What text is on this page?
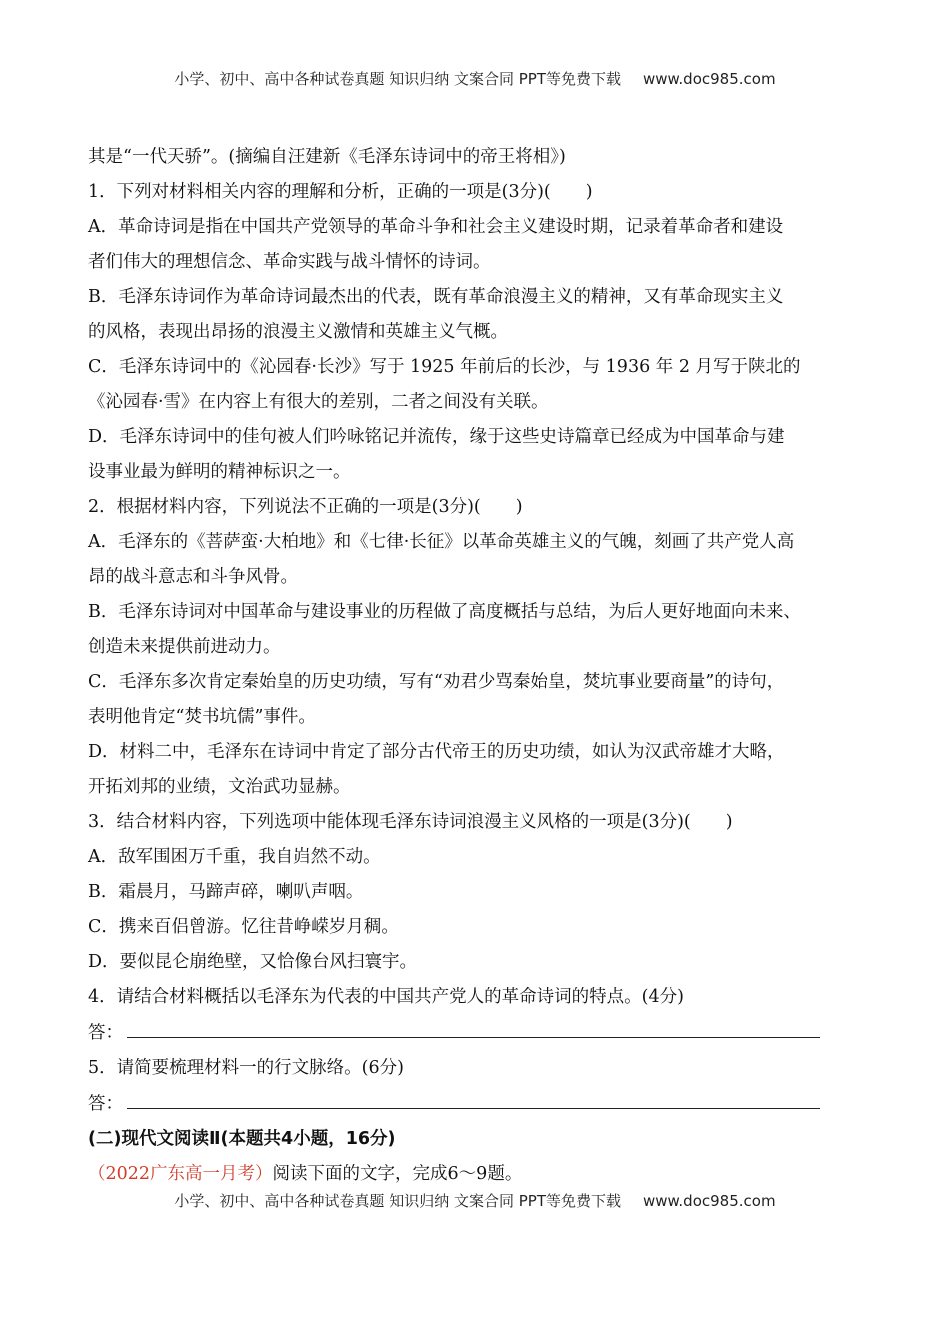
小学、初中、高中各种试卷真题 知识归纳 文案合同 PPT等免费下载 www.doc985.com
其是“一代天骄”。(摘编自汪建新《毛泽东诗词中的帝王将相》)
1．下列对材料相关内容的理解和分析，正确的一项是(3分)(　　)
A．革命诗词是指在中国共产党领导的革命斗争和社会主义建设时期，记录着革命者和建设
者们伟大的理想信念、革命实践与战斗情怀的诗词。
B．毛泽东诗词作为革命诗词最杰出的代表，既有革命浪漫主义的精神，又有革命现实主义
的风格，表现出昂扬的浪漫主义激情和英雄主义气概。
C．毛泽东诗词中的《沁园春·长沙》写于 1925 年前后的长沙，与 1936 年 2 月写于陕北的
《沁园春·雪》在内容上有很大的差别，二者之间没有关联。
D．毛泽东诗词中的佳句被人们吟咏铭记并流传，缘于这些史诗篇章已经成为中国革命与建
设事业最为鲜明的精神标识之一。
2．根据材料内容，下列说法不正确的一项是(3分)(　　)
A．毛泽东的《菩萨蛮·大柏地》和《七律·长征》以革命英雄主义的气魄，刻画了共产党人高
昂的战斗意志和斗争风骨。
B．毛泽东诗词对中国革命与建设事业的历程做了高度概括与总结，为后人更好地面向未来、
创造未来提供前进动力。
C．毛泽东多次肯定秦始皇的历史功绩，写有“劝君少骂秦始皇，焚坑事业要商量”的诗句，
表明他肯定“焚书坑儒”事件。
D．材料二中，毛泽东在诗词中肯定了部分古代帝王的历史功绩，如认为汉武帝雄才大略，
开拓刘邦的业绩，文治武功显赫。
3．结合材料内容，下列选项中能体现毛泽东诗词浪漫主义风格的一项是(3分)(　　)
A．敌军围困万千重，我自岿然不动。
B．霜晨月，马蹄声碎，喇叭声咽。
C．携来百侣曾游。忆往昔峥嵘岁月稠。
D．要似昆仑崩绝壁，又恰像台风扫寰宇。
4．请结合材料概括以毛泽东为代表的中国共产党人的革命诗词的特点。(4分)
答：
5．请简要梳理材料一的行文脉络。(6分)
答：
(二)现代文阅读Ⅱ(本题共4小题，16分)
（2022广东高一月考）阅读下面的文字，完成6～9题。
小学、初中、高中各种试卷真题 知识归纳 文案合同 PPT等免费下载 www.doc985.com
